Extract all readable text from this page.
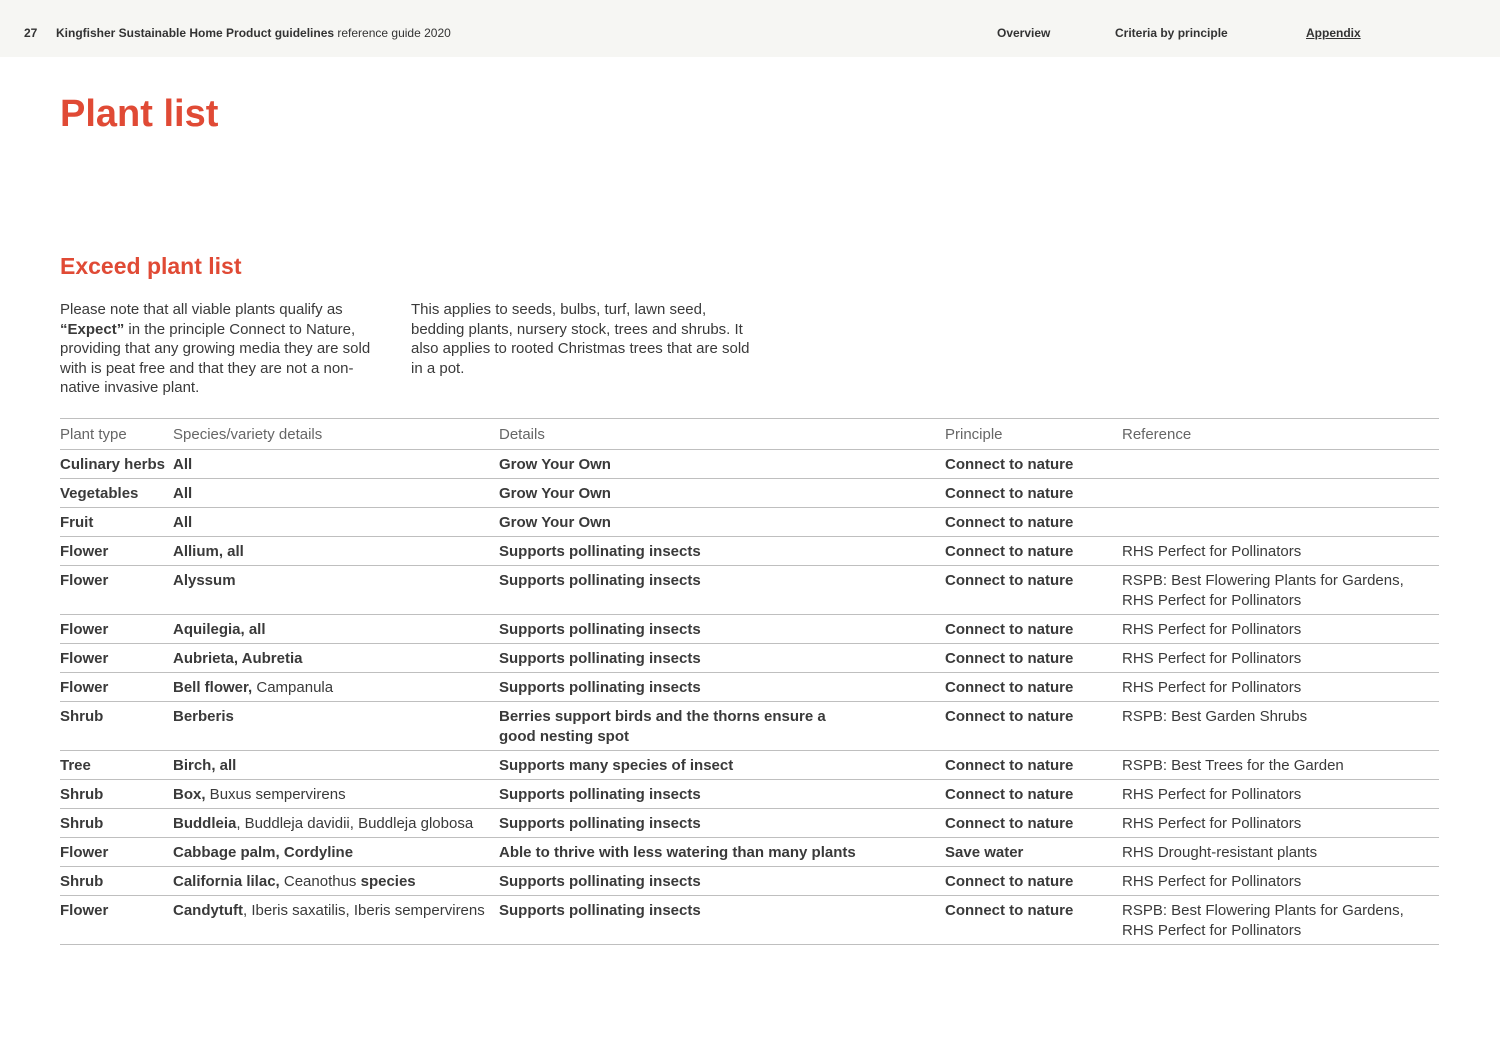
27 Kingfisher Sustainable Home Product guidelines reference guide 2020	Overview	Criteria by principle	Appendix
Plant list
Exceed plant list

Please note that all viable plants qualify as “Expect” in the principle Connect to Nature, providing that any growing media they are sold with is peat free and that they are not a non-native invasive plant.

This applies to seeds, bulbs, turf, lawn seed, bedding plants, nursery stock, trees and shrubs. It also applies to rooted Christmas trees that are sold in a pot.

Plant type	Species/variety details	Details	Principle	Reference
Culinary herbs	All	Grow Your Own	Connect to nature	
Vegetables	All	Grow Your Own	Connect to nature	
Fruit	All	Grow Your Own	Connect to nature	
Flower	Allium, all	Supports pollinating insects	Connect to nature	RHS Perfect for Pollinators
Flower	Alyssum	Supports pollinating insects	Connect to nature	RSPB: Best Flowering Plants for Gardens, RHS Perfect for Pollinators
Flower	Aquilegia, all	Supports pollinating insects	Connect to nature	RHS Perfect for Pollinators
Flower	Aubrieta, Aubretia	Supports pollinating insects	Connect to nature	RHS Perfect for Pollinators
Flower	Bell flower, Campanula	Supports pollinating insects	Connect to nature	RHS Perfect for Pollinators
Shrub	Berberis	Berries support birds and the thorns ensure a good nesting spot	Connect to nature	RSPB: Best Garden Shrubs
Tree	Birch, all	Supports many species of insect	Connect to nature	RSPB: Best Trees for the Garden
Shrub	Box, Buxus sempervirens	Supports pollinating insects	Connect to nature	RHS Perfect for Pollinators
Shrub	Buddleia, Buddleja davidii, Buddleja globosa	Supports pollinating insects	Connect to nature	RHS Perfect for Pollinators
Flower	Cabbage palm, Cordyline	Able to thrive with less watering than many plants	Save water	RHS Drought-resistant plants
Shrub	California lilac, Ceanothus species	Supports pollinating insects	Connect to nature	RHS Perfect for Pollinators
Flower	Candytuft, Iberis saxatilis, Iberis sempervirens	Supports pollinating insects	Connect to nature	RSPB: Best Flowering Plants for Gardens, RHS Perfect for Pollinators
